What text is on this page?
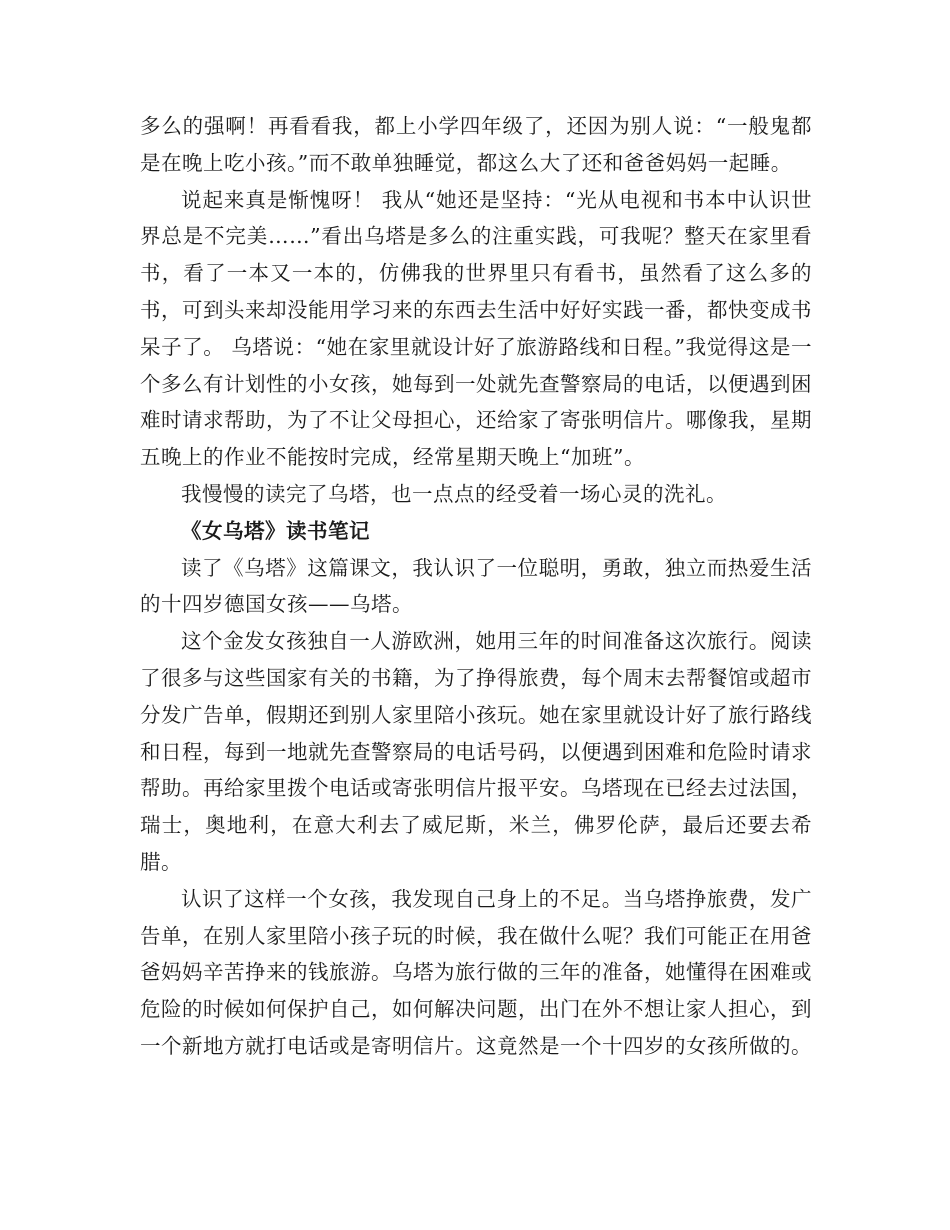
多么的强啊！再看看我，都上小学四年级了，还因为别人说：“一般鬼都是在晚上吃小孩。”而不敢单独睡觉，都这么大了还和爸爸妈妈一起睡。

说起来真是惭愧呀！ 我从“她还是坚持：“光从电视和书本中认识世界总是不完美……”看出乌塔是多么的注重实践，可我呢？整天在家里看书，看了一本又一本的，仿佛我的世界里只有看书，虽然看了这么多的书，可到头来却没能用学习来的东西去生活中好好实践一番，都快变成书呆子了。 乌塔说：“她在家里就设计好了旅游路线和日程。”我觉得这是一个多么有计划性的小女孩，她每到一处就先查警察局的电话，以便遇到困难时请求帮助，为了不让父母担心，还给家了寄张明信片。哪像我，星期五晚上的作业不能按时完成，经常星期天晚上“加班”。

我慢慢的读完了乌塔，也一点点的经受着一场心灵的洗礼。

《女乌塔》读书笔记

读了《乌塔》这篇课文，我认识了一位聪明，勇敢，独立而热爱生活的十四岁德国女孩——乌塔。

这个金发女孩独自一人游欧洲，她用三年的时间准备这次旅行。阅读了很多与这些国家有关的书籍，为了挣得旅费，每个周末去帮餐馆或超市分发广告单，假期还到别人家里陪小孩玩。她在家里就设计好了旅行路线和日程，每到一地就先查警察局的电话号码，以便遇到困难和危险时请求帮助。再给家里拨个电话或寄张明信片报平安。乌塔现在已经去过法国，瑞士，奥地利，在意大利去了威尼斯，米兰，佛罗伦萨，最后还要去希腊。

认识了这样一个女孩，我发现自己身上的不足。当乌塔挣旅费，发广告单，在别人家里陪小孩子玩的时候，我在做什么呢？我们可能正在用爸爸妈妈辛苦挣来的钱旅游。乌塔为旅行做的三年的准备，她懂得在困难或危险的时候如何保护自己，如何解决问题，出门在外不想让家人担心，到一个新地方就打电话或是寄明信片。这竟然是一个十四岁的女孩所做的。
